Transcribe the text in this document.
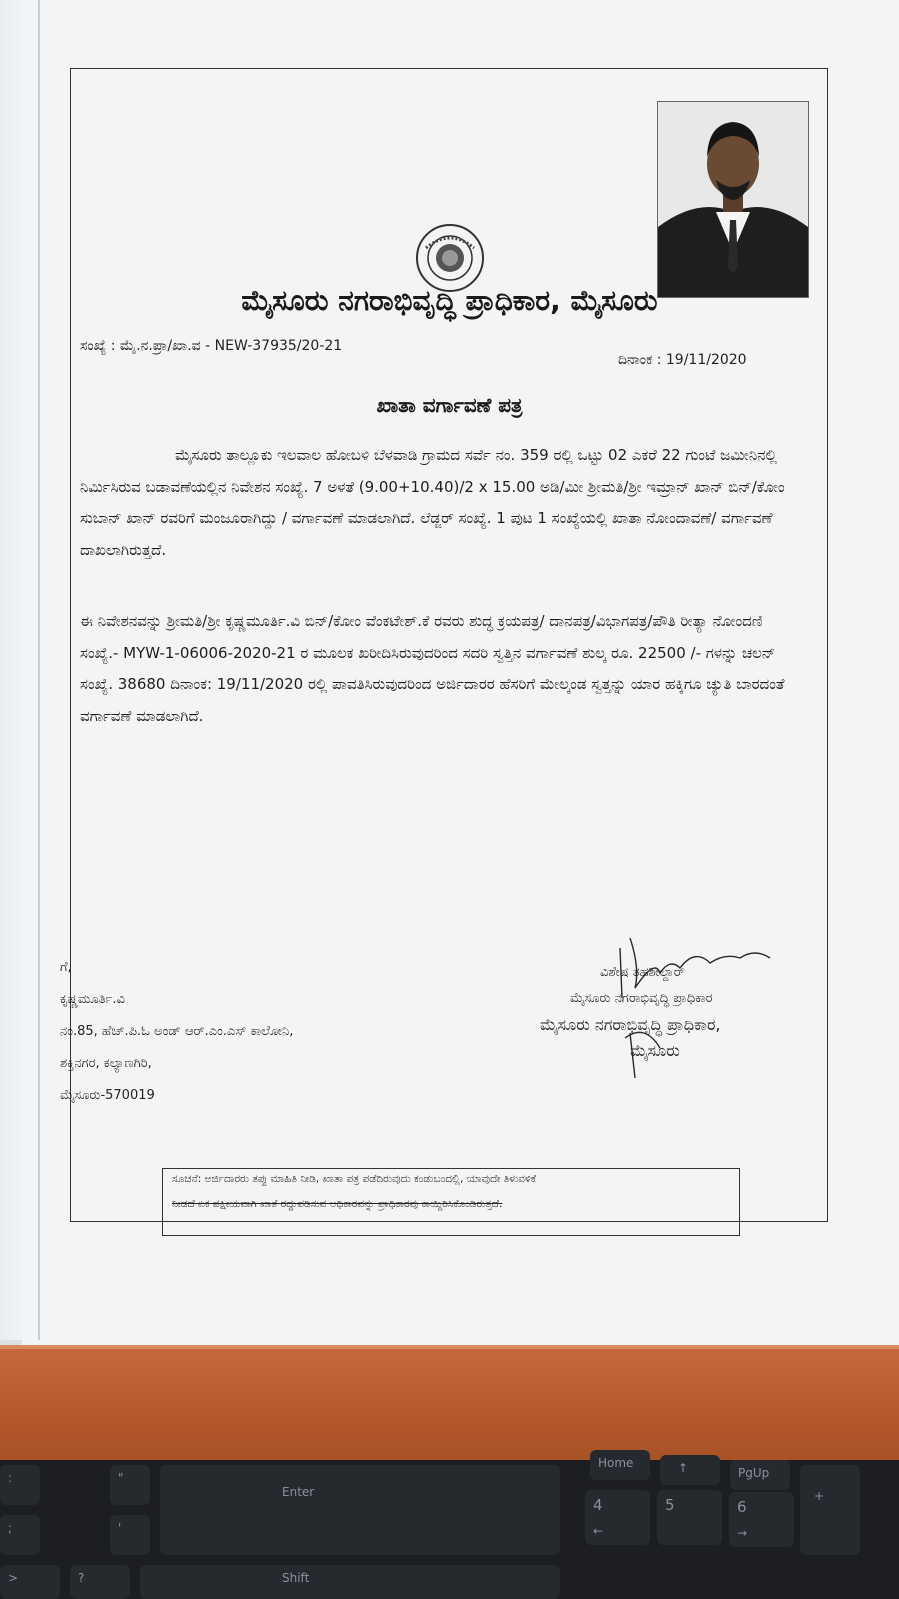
ಮೈಸೂರು ನಗರಾಭಿವೃದ್ಧಿ ಪ್ರಾಧಿಕಾರ, ಮೈಸೂರು
ಸಂಖ್ಯೆ : ಮೈ.ನ.ಪ್ರಾ/ಖಾ.ವ - NEW-37935/20-21
ದಿನಾಂಕ : 19/11/2020
ಖಾತಾ ವರ್ಗಾವಣೆ ಪತ್ರ
ಮೈಸೂರು ತಾಲ್ಲೂಕು ಇಲವಾಲ ಹೋಬಳಿ ಬೆಳವಾಡಿ ಗ್ರಾಮದ ಸರ್ವೆ ನಂ. 359 ರಲ್ಲಿ ಒಟ್ಟು 02 ಎಕರೆ 22 ಗುಂಟೆ ಜಮೀನಿನಲ್ಲಿ ನಿರ್ಮಿಸಿರುವ ಬಡಾವಣೆಯಲ್ಲಿನ ನಿವೇಶನ ಸಂಖ್ಯೆ. 7 ಅಳತೆ (9.00+10.40)/2 x 15.00 ಅಡಿ/ಮೀ ಶ್ರೀಮತಿ/ಶ್ರೀ ಇಮ್ರಾನ್ ಖಾನ್ ಬಿನ್/ಕೋಂ ಸುಬಾನ್ ಖಾನ್ ರವರಿಗೆ ಮಂಜೂರಾಗಿದ್ದು / ವರ್ಗಾವಣೆ ಮಾಡಲಾಗಿದೆ. ಲೆಡ್ಜರ್ ಸಂಖ್ಯೆ. 1 ಪುಟ 1 ಸಂಖ್ಯೆಯಲ್ಲಿ ಖಾತಾ ನೋಂದಾವಣೆ/ ವರ್ಗಾವಣೆ ದಾಖಲಾಗಿರುತ್ತದೆ.
ಈ ನಿವೇಶನವನ್ನು ಶ್ರೀಮತಿ/ಶ್ರೀ ಕೃಷ್ಣಮೂರ್ತಿ.ವಿ ಬಿನ್/ಕೋಂ ವೆಂಕಟೇಶ್.ಕೆ ರವರು ಶುದ್ಧ ಕ್ರಯಪತ್ರ/ ದಾನಪತ್ರ/ವಿಭಾಗಪತ್ರ/ಪೌತಿ ರೀತ್ಯಾ ನೋಂದಣಿ ಸಂಖ್ಯೆ.- MYW-1-06006-2020-21 ರ ಮೂಲಕ ಖರೀದಿಸಿರುವುದರಿಂದ ಸದರಿ ಸ್ವತ್ತಿನ ವರ್ಗಾವಣೆ ಶುಲ್ಕ ರೂ. 22500 /- ಗಳನ್ನು ಚಲನ್ ಸಂಖ್ಯೆ. 38680 ದಿನಾಂಕ: 19/11/2020 ರಲ್ಲಿ ಪಾವತಿಸಿರುವುದರಿಂದ ಅರ್ಜಿದಾರರ ಹೆಸರಿಗೆ ಮೇಲ್ಕಂಡ ಸ್ವತ್ತನ್ನು ಯಾರ ಹಕ್ಕಿಗೂ ಚ್ಯುತಿ ಬಾರದಂತೆ ವರ್ಗಾವಣೆ ಮಾಡಲಾಗಿದೆ.
ಗೆ,
ಕೃಷ್ಣಮೂರ್ತಿ.ವಿ
ನಂ.85, ಹೆಚ್.ಪಿ.ಓ ಅಂಡ್ ಆರ್.ಎಂ.ಎಸ್ ಕಾಲೋನಿ,
ಶಕ್ತಿನಗರ, ಕಲ್ಯಾಣಗಿರಿ,
ಮೈಸೂರು-570019
ವಿಶೇಷ ತಹಶೀಲ್ದಾರ್
ಮೈಸೂರು ನಗರಾಭಿವೃದ್ಧಿ ಪ್ರಾಧಿಕಾರ
ಮೈಸೂರು ನಗರಾಭಿವೃದ್ಧಿ ಪ್ರಾಧಿಕಾರ,
ಮೈಸೂರು
ಸೂಚನೆ: ಅರ್ಜಿದಾರರು ತಪ್ಪು ಮಾಹಿತಿ ನೀಡಿ, ಖಾತಾ ಪತ್ರ ಪಡೆದಿರುವುದು ಕಂಡುಬಂದಲ್ಲಿ, ಯಾವುದೇ ತಿಳುವಳಿಕೆ
ನೀಡದೆ ಏಕ ಪಕ್ಷೀಯವಾಗಿ ಖಾತೆ ರದ್ದುಪಡಿಸುವ ಅಧಿಕಾರವನ್ನು ಪ್ರಾಧಿಕಾರವು ಕಾಯ್ದಿರಿಸಿಕೊಂಡಿರುತ್ತದೆ.
:
;
"
'
Enter
>	?	Shift
Home	↑	PgUp
4
←
5	6
→
+
